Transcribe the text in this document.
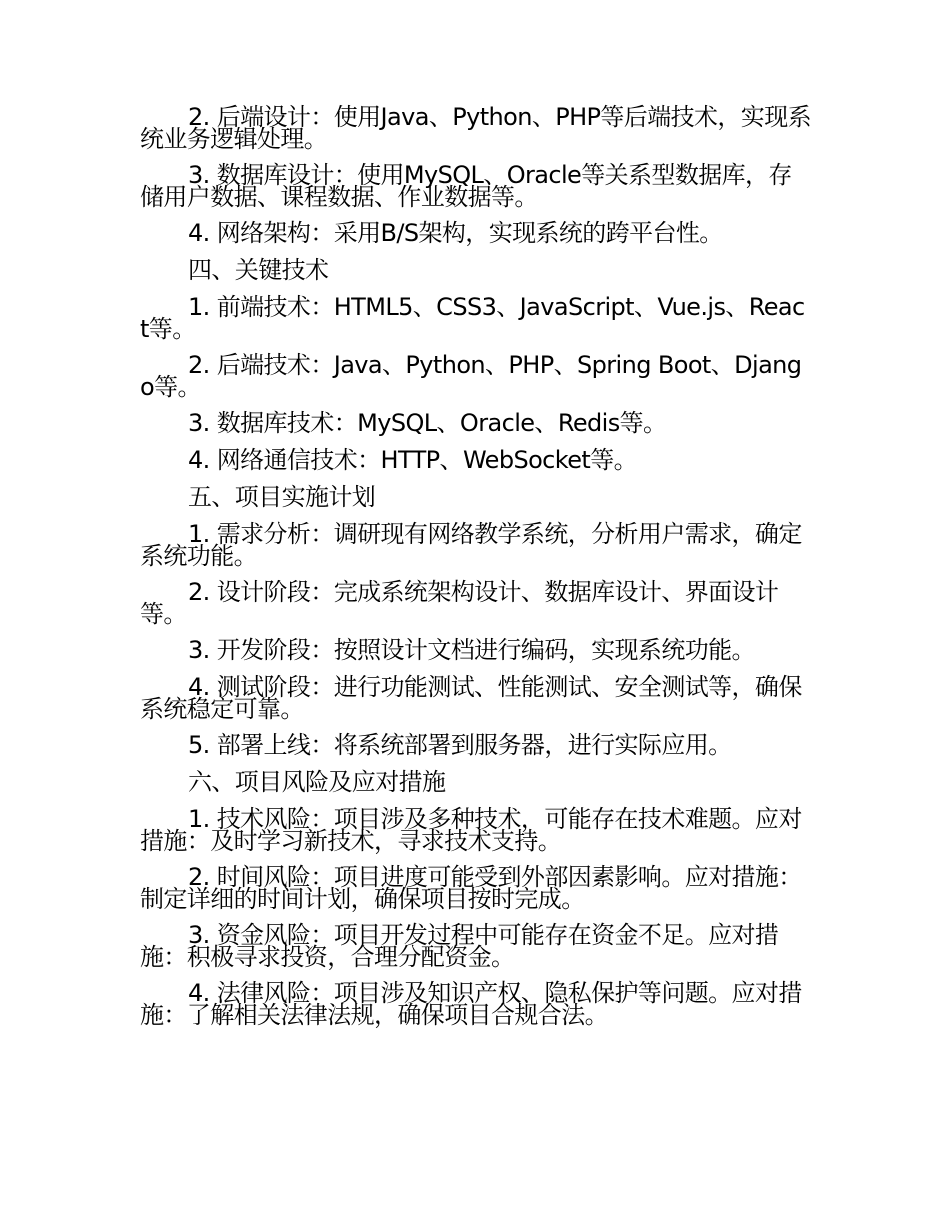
2. 后端设计：使用Java、Python、PHP等后端技术，实现系统业务逻辑处理。

3. 数据库设计：使用MySQL、Oracle等关系型数据库，存储用户数据、课程数据、作业数据等。

4. 网络架构：采用B/S架构，实现系统的跨平台性。

四、关键技术

1. 前端技术：HTML5、CSS3、JavaScript、Vue.js、React等。

2. 后端技术：Java、Python、PHP、Spring Boot、Django等。

3. 数据库技术：MySQL、Oracle、Redis等。

4. 网络通信技术：HTTP、WebSocket等。

五、项目实施计划

1. 需求分析：调研现有网络教学系统，分析用户需求，确定系统功能。

2. 设计阶段：完成系统架构设计、数据库设计、界面设计等。

3. 开发阶段：按照设计文档进行编码，实现系统功能。

4. 测试阶段：进行功能测试、性能测试、安全测试等，确保系统稳定可靠。

5. 部署上线：将系统部署到服务器，进行实际应用。

六、项目风险及应对措施

1. 技术风险：项目涉及多种技术，可能存在技术难题。应对措施：及时学习新技术，寻求技术支持。

2. 时间风险：项目进度可能受到外部因素影响。应对措施：制定详细的时间计划，确保项目按时完成。

3. 资金风险：项目开发过程中可能存在资金不足。应对措施：积极寻求投资，合理分配资金。

4. 法律风险：项目涉及知识产权、隐私保护等问题。应对措施：了解相关法律法规，确保项目合规合法。
